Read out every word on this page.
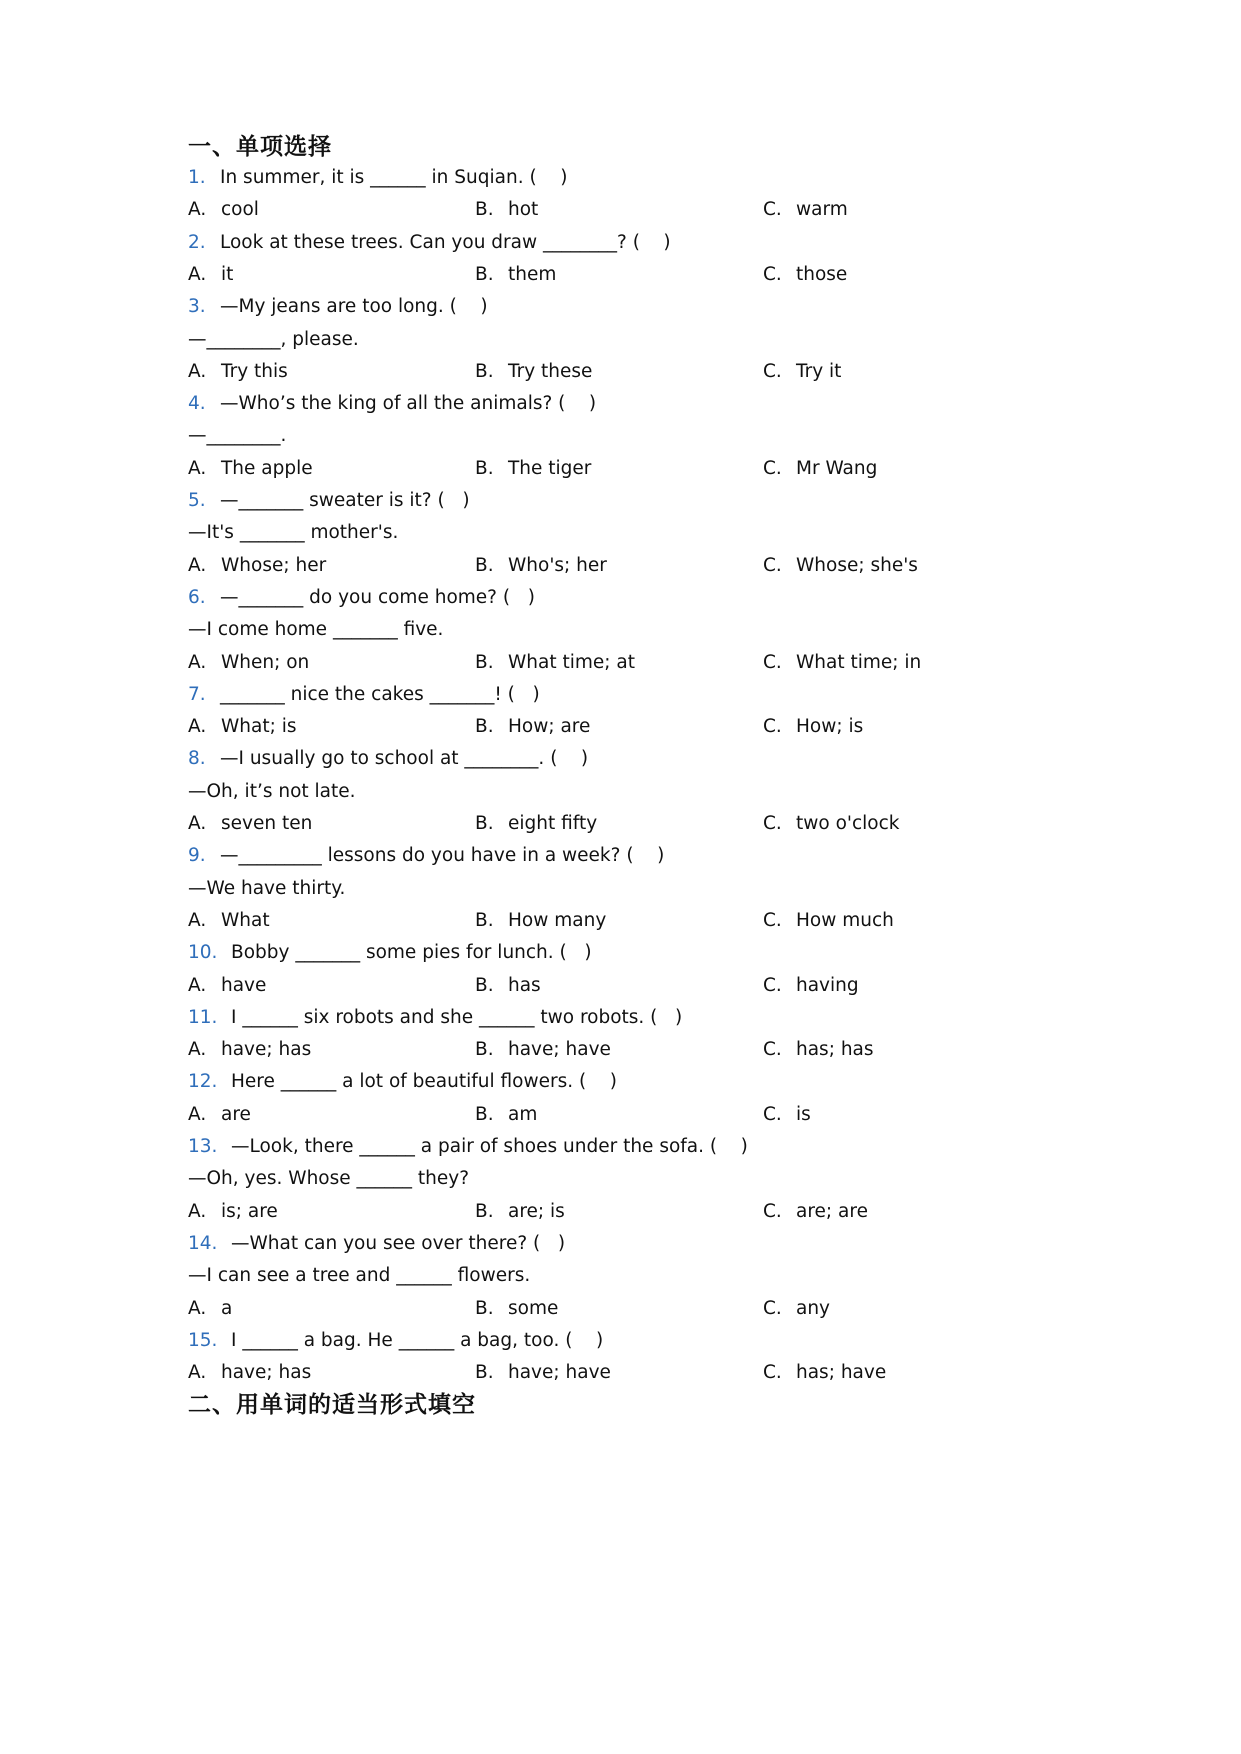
一、单项选择
1. In summer, it is ______ in Suqian. (    )
A. cool	B. hot	C. warm
2. Look at these trees. Can you draw ________? (    )
A. it	B. them	C. those
3. —My jeans are too long. (    )
—________, please.
A. Try this	B. Try these	C. Try it
4. —Who’s the king of all the animals? (    )
—________.
A. The apple	B. The tiger	C. Mr Wang
5. —_______ sweater is it? (   )
—It's _______ mother's.
A. Whose; her	B. Who's; her	C. Whose; she's
6. —_______ do you come home? (   )
—I come home _______ five.
A. When; on	B. What time; at	C. What time; in
7. _______ nice the cakes _______! (   )
A. What; is	B. How; are	C. How; is
8. —I usually go to school at ________. (    )
—Oh, it’s not late.
A. seven ten	B. eight fifty	C. two o'clock
9. —_________ lessons do you have in a week? (    )
—We have thirty.
A. What	B. How many	C. How much
10. Bobby _______ some pies for lunch. (   )
A. have	B. has	C. having
11. I ______ six robots and she ______ two robots. (   )
A. have; has	B. have; have	C. has; has
12. Here ______ a lot of beautiful flowers. (    )
A. are	B. am	C. is
13. —Look, there ______ a pair of shoes under the sofa. (    )
—Oh, yes. Whose ______ they?
A. is; are	B. are; is	C. are; are
14. —What can you see over there? (   )
—I can see a tree and ______ flowers.
A. a	B. some	C. any
15. I ______ a bag. He ______ a bag, too. (    )
A. have; has	B. have; have	C. has; have
二、用单词的适当形式填空
